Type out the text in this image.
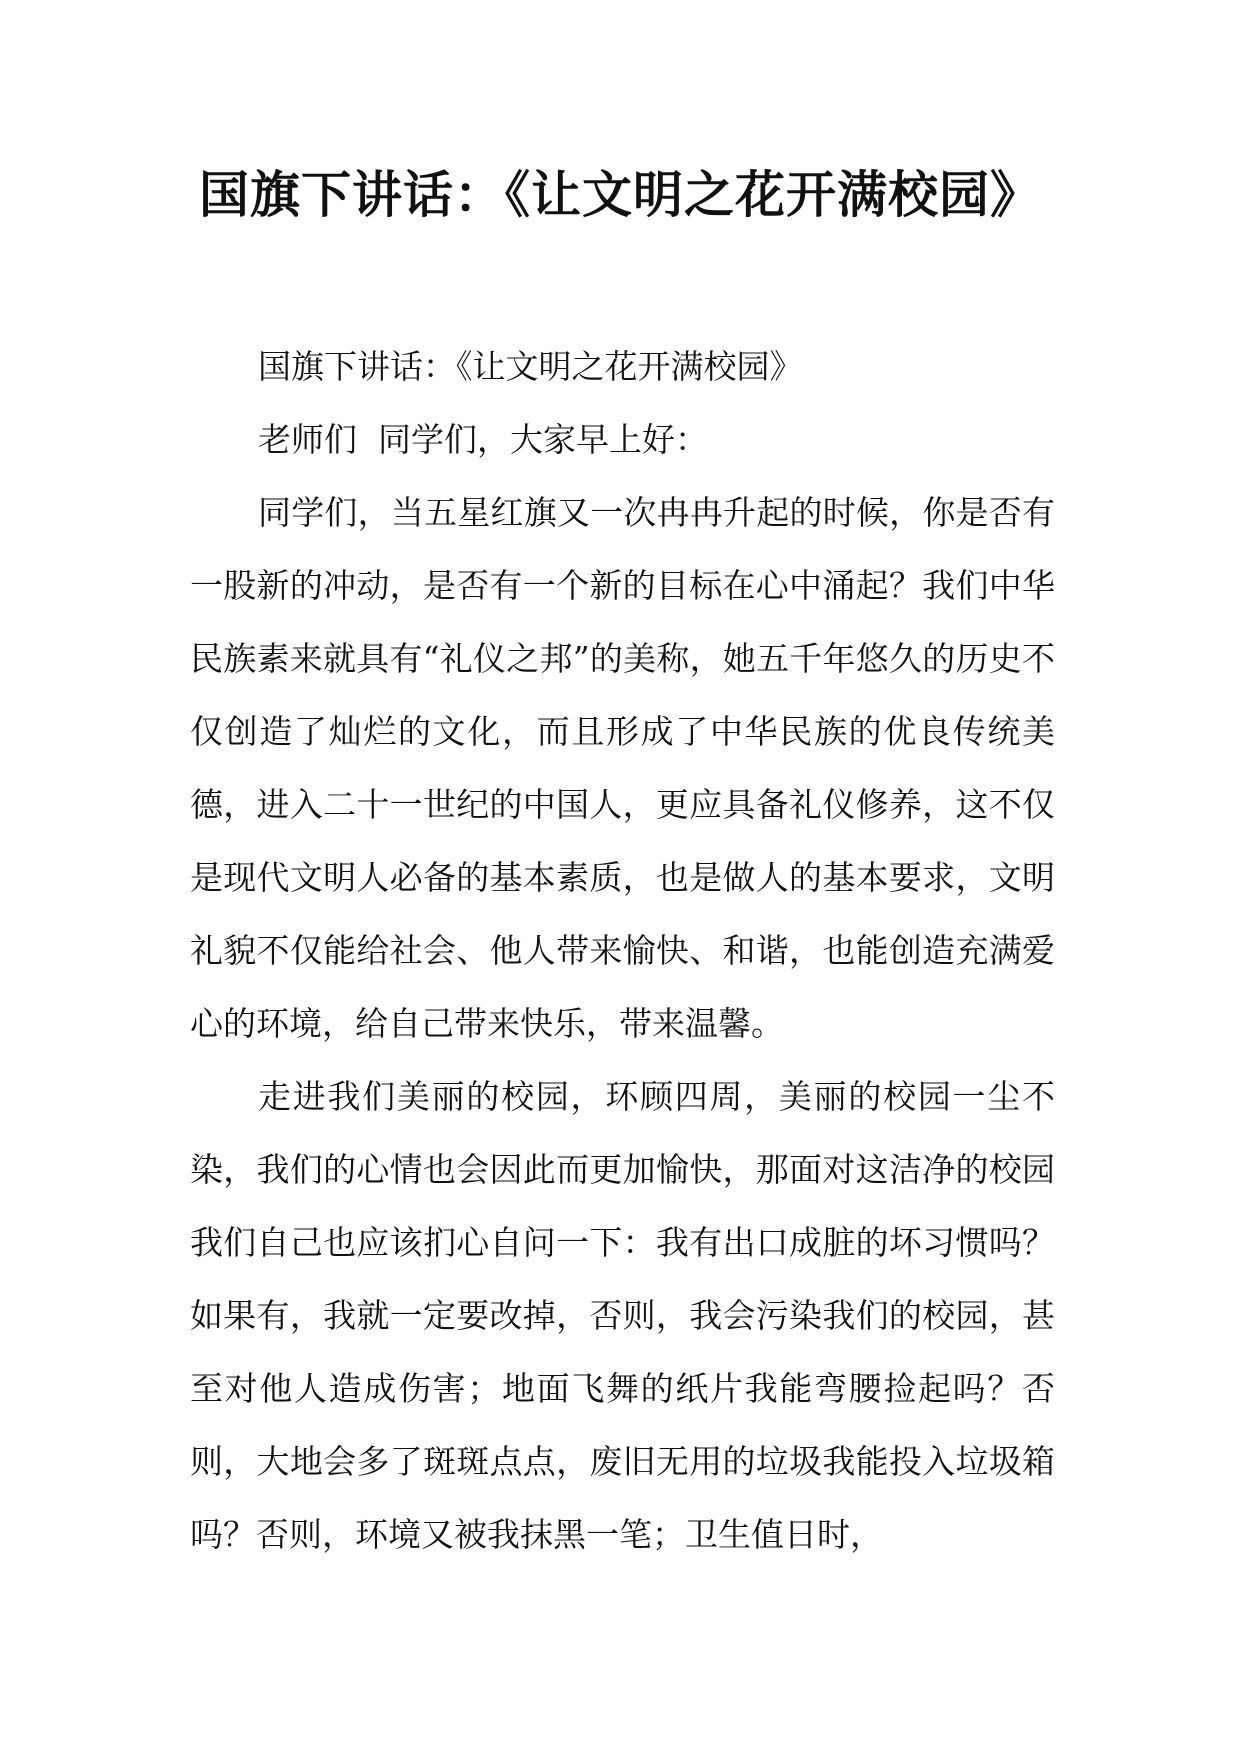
国旗下讲话：《让文明之花开满校园》

国旗下讲话：《让文明之花开满校园》

老师们  同学们，大家早上好：

同学们，当五星红旗又一次冉冉升起的时候，你是否有一股新的冲动，是否有一个新的目标在心中涌起？我们中华民族素来就具有“礼仪之邦”的美称，她五千年悠久的历史不仅创造了灿烂的文化，而且形成了中华民族的优良传统美德，进入二十一世纪的中国人，更应具备礼仪修养，这不仅是现代文明人必备的基本素质，也是做人的基本要求，文明礼貌不仅能给社会、他人带来愉快、和谐，也能创造充满爱心的环境，给自己带来快乐，带来温馨。

走进我们美丽的校园，环顾四周，美丽的校园一尘不染，我们的心情也会因此而更加愉快，那面对这洁净的校园我们自己也应该扪心自问一下：我有出口成脏的坏习惯吗？如果有，我就一定要改掉，否则，我会污染我们的校园，甚至对他人造成伤害；地面飞舞的纸片我能弯腰捡起吗？否则，大地会多了斑斑点点，废旧无用的垃圾我能投入垃圾箱吗？否则，环境又被我抹黑一笔；卫生值日时，
